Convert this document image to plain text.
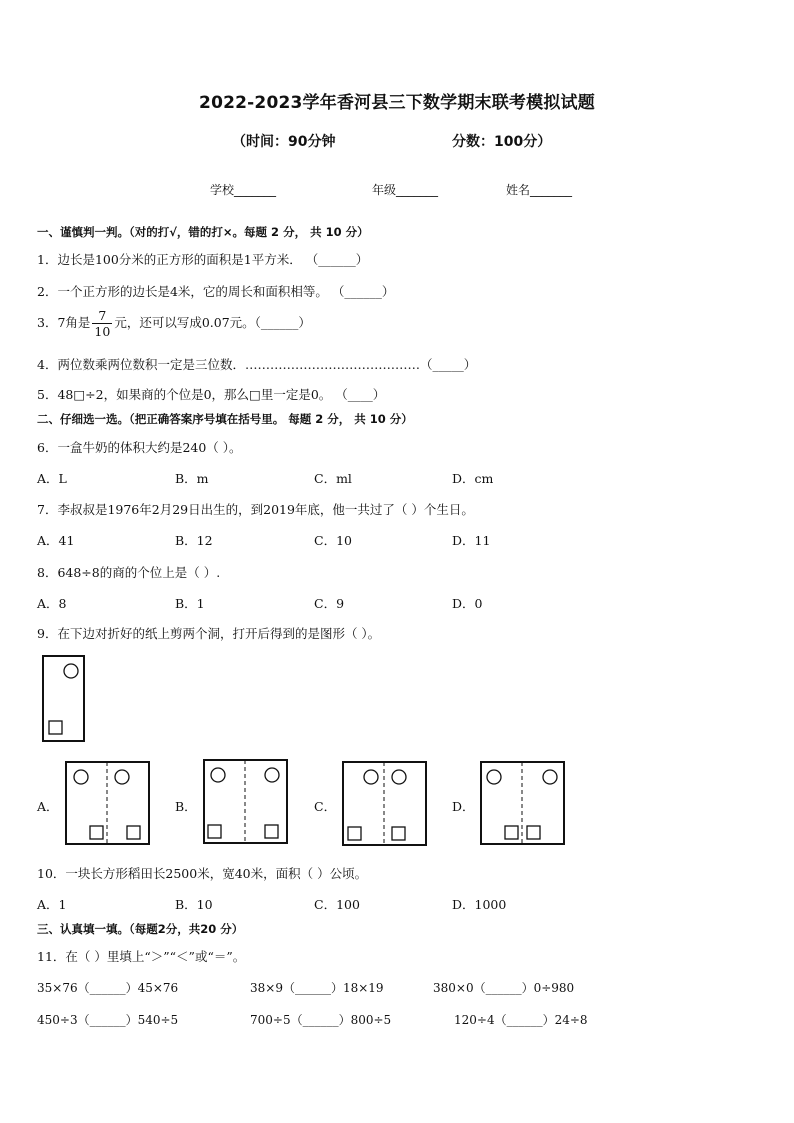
2022-2023学年香河县三下数学期末联考模拟试题
（时间：90分钟	分数：100分）
学校_______	年级_______	姓名_______
一、谨慎判一判。（对的打√，错的打×。每题 2 分， 共 10 分）
1．边长是100分米的正方形的面积是1平方米． （______）
2．一个正方形的边长是4米，它的周长和面积相等。 （______）
3．7角是 $\frac{7}{10}$ 元，还可以写成0.07元。（______）
4．两位数乘两位数积一定是三位数．……………………………………（_____）
5．48□÷2，如果商的个位是0，那么□里一定是0。 （____）
二、仔细选一选。（把正确答案序号填在括号里。 每题 2 分， 共 10 分）
6．一盒牛奶的体积大约是240（ ）。
A．L	B．m	C．ml	D．cm
7．李叔叔是1976年2月29日出生的，到2019年底，他一共过了（ ）个生日。
A．41	B．12	C．10	D．11
8．648÷8的商的个位上是（ ）.
A．8	B．1	C．9	D．0
9．在下边对折好的纸上剪两个洞，打开后得到的是图形（ ）。
A．	B．	C．	D．
10．一块长方形稻田长2500米，宽40米，面积（ ）公顷。
A．1	B．10	C．100	D．1000
三、认真填一填。（每题2分，共20 分）
11．在（ ）里填上“＞”“＜”或“＝”。
35×76（______）45×76	38×9（______）18×19	380×0（______）0÷980
450÷3（______）540÷5	700÷5（______）800÷5	120÷4（______）24÷8
